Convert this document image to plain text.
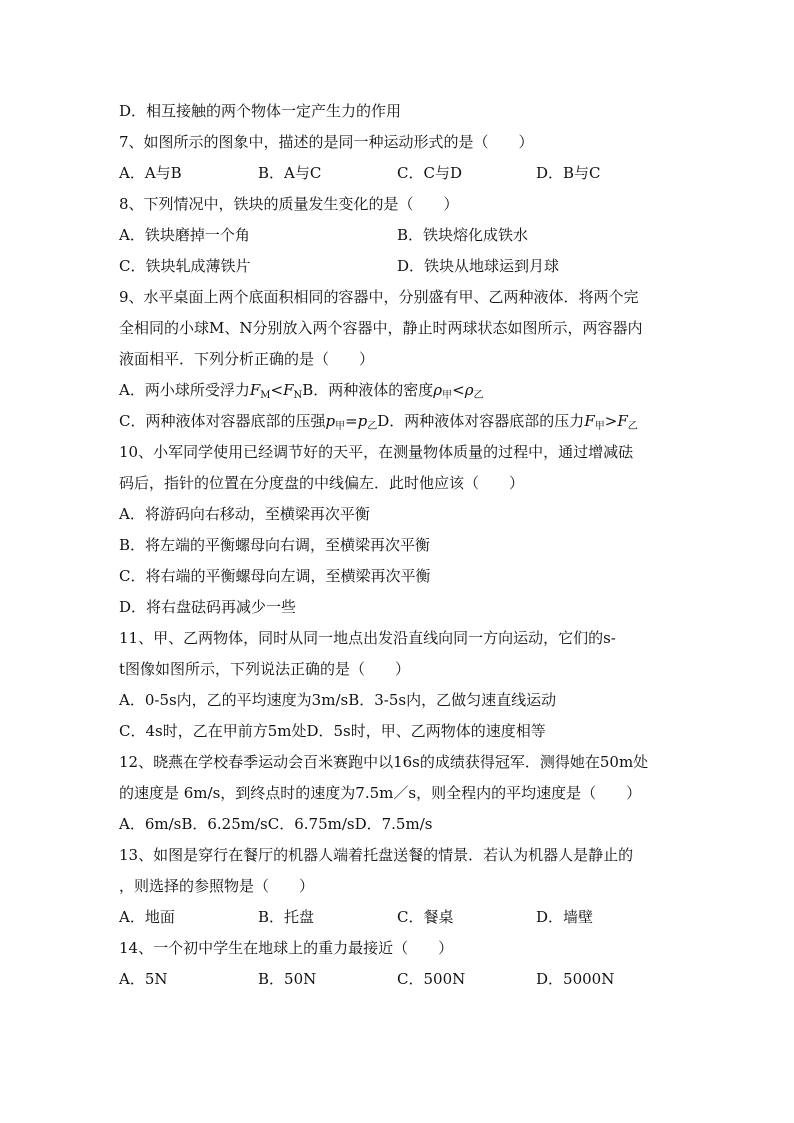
D．相互接触的两个物体一定产生力的作用
7、如图所示的图象中，描述的是同一种运动形式的是（　　）
A．A与B	B．A与C	C．C与D	D．B与C
8、下列情况中，铁块的质量发生变化的是（　　）
A．铁块磨掉一个角	B．铁块熔化成铁水
C．铁块轧成薄铁片	D．铁块从地球运到月球
9、水平桌面上两个底面积相同的容器中，分别盛有甲、乙两种液体．将两个完
全相同的小球M、N分别放入两个容器中，静止时两球状态如图所示，两容器内
液面相平．下列分析正确的是（　　）
A．两小球所受浮力$F_M<F_NB$．两种液体的密度$\rho_甲<\rho_乙$
C．两种液体对容器底部的压强$p_甲=p_乙D$．两种液体对容器底部的压力$F_甲>F_乙$
10、小军同学使用已经调节好的天平，在测量物体质量的过程中，通过增减砝
码后，指针的位置在分度盘的中线偏左．此时他应该（　　）
A．将游码向右移动，至横梁再次平衡
B．将左端的平衡螺母向右调，至横梁再次平衡
C．将右端的平衡螺母向左调，至横梁再次平衡
D．将右盘砝码再减少一些
11、甲、乙两物体，同时从同一地点出发沿直线向同一方向运动，它们的s-
t图像如图所示，下列说法正确的是（　　）
A．0-5s内，乙的平均速度为3m/sB．3-5s内，乙做匀速直线运动
C．4s时，乙在甲前方5m处D．5s时，甲、乙两物体的速度相等
12、晓燕在学校春季运动会百米赛跑中以16s的成绩获得冠军．测得她在50m处
的速度是 6m/s，到终点时的速度为7.5m／s，则全程内的平均速度是（　　）
A．6m/sB．6.25m/sC．6.75m/sD．7.5m/s
13、如图是穿行在餐厅的机器人端着托盘送餐的情景．若认为机器人是静止的
，则选择的参照物是（　　）
A．地面	B．托盘	C．餐桌	D．墙壁
14、一个初中学生在地球上的重力最接近（　　）
A．5N	B．50N	C．500N	D．5000N
